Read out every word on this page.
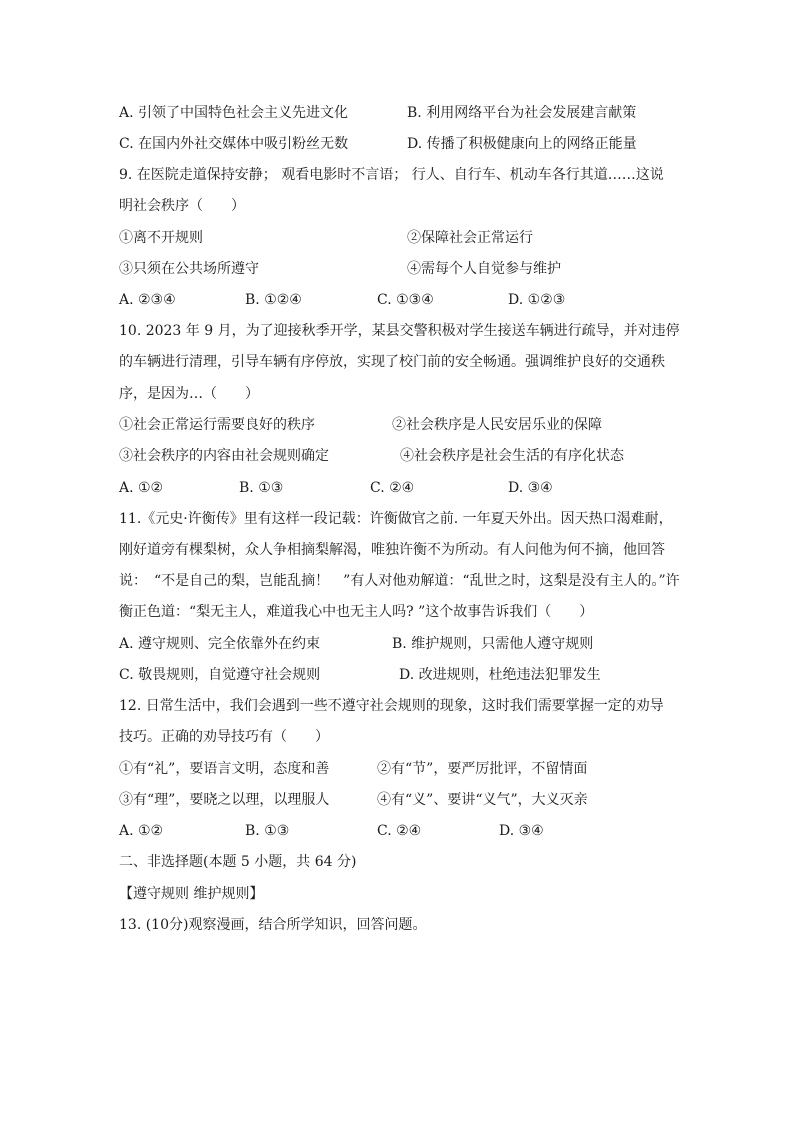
A. 引领了中国特色社会主义先进文化	B. 利用网络平台为社会发展建言献策
C. 在国内外社交媒体中吸引粉丝无数	D. 传播了积极健康向上的网络正能量
9. 在医院走道保持安静； 观看电影时不言语； 行人、自行车、机动车各行其道……这说
明社会秩序（　　）
①离不开规则	②保障社会正常运行
③只须在公共场所遵守	④需每个人自觉参与维护
A. ②③④	B. ①②④	C. ①③④	D. ①②③
10. 2023 年 9 月，为了迎接秋季开学，某县交警积极对学生接送车辆进行疏导，并对违停
的车辆进行清理，引导车辆有序停放，实现了校门前的安全畅通。强调维护良好的交通秩
序，是因为…（　　）
①社会正常运行需要良好的秩序	②社会秩序是人民安居乐业的保障
③社会秩序的内容由社会规则确定	④社会秩序是社会生活的有序化状态
A. ①②	B. ①③	C. ②④	D. ③④
11.《元史·许衡传》里有这样一段记载：许衡做官之前. 一年夏天外出。因天热口渴难耐，
刚好道旁有棵梨树，众人争相摘梨解渴，唯独许衡不为所动。有人问他为何不摘，他回答
说：　“不是自己的梨，岂能乱摘！　”有人对他劝解道：“乱世之时，这梨是没有主人的。”许
衡正色道：“梨无主人，难道我心中也无主人吗? ”这个故事告诉我们（　　）
A. 遵守规则、完全依靠外在约束	B. 维护规则，只需他人遵守规则
C. 敬畏规则，自觉遵守社会规则	D. 改进规则，杜绝违法犯罪发生
12. 日常生活中，我们会遇到一些不遵守社会规则的现象，这时我们需要掌握一定的劝导
技巧。正确的劝导技巧有（　　）
①有“礼”，要语言文明，态度和善	②有“节”，要严厉批评，不留情面
③有“理”，要晓之以理，以理服人	④有“义”、要讲“义气”，大义灭亲
A. ①②	B. ①③	C. ②④	D. ③④
二、非选择题(本题 5 小题，共 64 分)
【遵守规则 维护规则】
13. (10分)观察漫画，结合所学知识，回答问题。
